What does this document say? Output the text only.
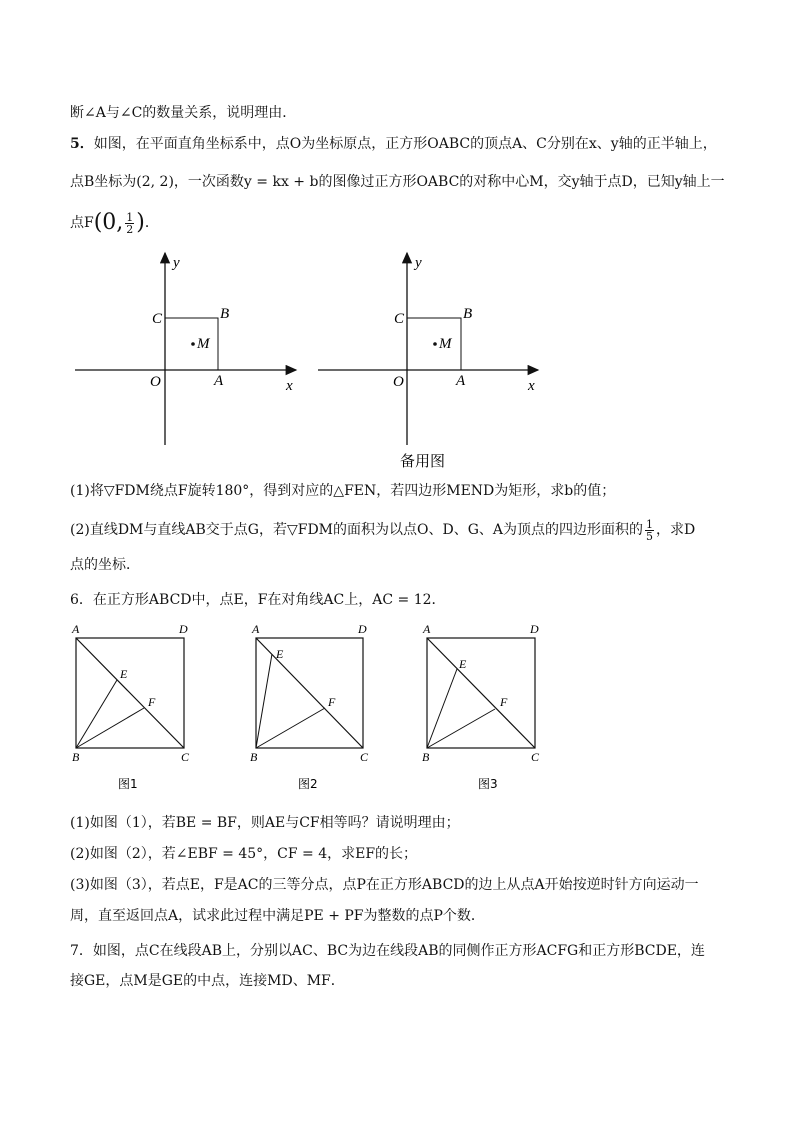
断∠A与∠C的数量关系，说明理由．
5．如图，在平面直角坐标系中，点O为坐标原点，正方形OABC的顶点A、C分别在x、y轴的正半轴上，
点B坐标为(2, 2)，一次函数y = kx + b的图像过正方形OABC的对称中心M，交y轴于点D，已知y轴上一
点F(0, $\frac{1}{2}$ )．
y
x
O	A
B
C
M
y
x
O	A
B
C
M
备用图
(1)将▽FDM绕点F旋转180°，得到对应的△FEN，若四边形MEND为矩形，求b的值；
(2)直线DM与直线AB交于点G，若▽FDM的面积为以点O、D、G、A为顶点的四边形面积的 $\frac{1}{5}$ ，求D
点的坐标．
6．在正方形ABCD中，点E，F在对角线AC上，AC = 12．
A	D
B	C
E
F
图1
A	D
B	C
E
F
图2
A	D
B	C
E
F
图3
(1)如图（1），若BE = BF，则AE与CF相等吗？请说明理由；
(2)如图（2），若∠EBF = 45°，CF = 4，求EF的长；
(3)如图（3），若点E，F是AC的三等分点，点P在正方形ABCD的边上从点A开始按逆时针方向运动一
周，直至返回点A，试求此过程中满足PE + PF为整数的点P个数．
7．如图，点C在线段AB上，分别以AC、BC为边在线段AB的同侧作正方形ACFG和正方形BCDE，连
接GE，点M是GE的中点，连接MD、MF．
